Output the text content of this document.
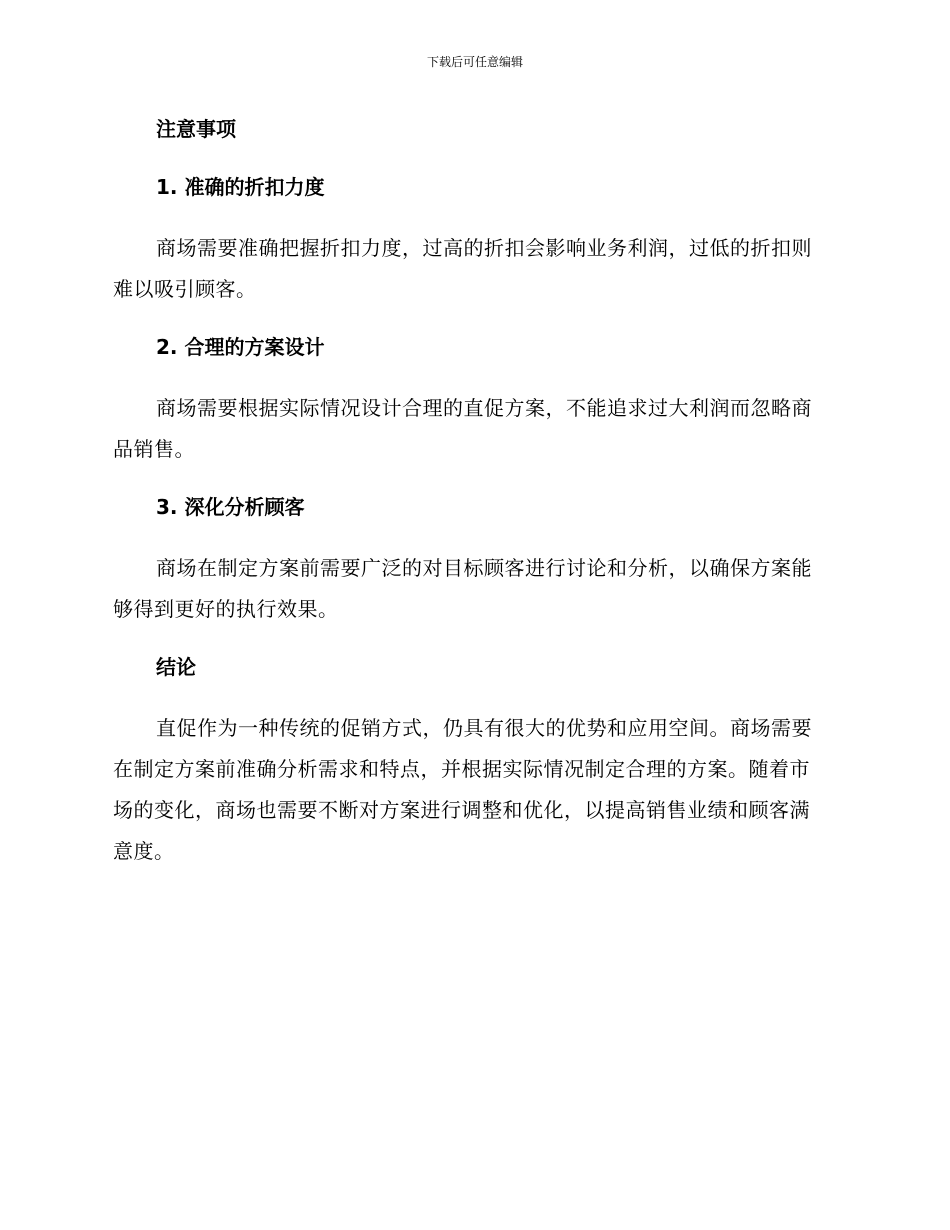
下载后可任意编辑
注意事项
1. 准确的折扣力度

商场需要准确把握折扣力度，过高的折扣会影响业务利润，过低的折扣则难以吸引顾客。

2. 合理的方案设计

商场需要根据实际情况设计合理的直促方案，不能追求过大利润而忽略商品销售。

3. 深化分析顾客

商场在制定方案前需要广泛的对目标顾客进行讨论和分析，以确保方案能够得到更好的执行效果。

结论

直促作为一种传统的促销方式，仍具有很大的优势和应用空间。商场需要在制定方案前准确分析需求和特点，并根据实际情况制定合理的方案。随着市场的变化，商场也需要不断对方案进行调整和优化，以提高销售业绩和顾客满意度。
